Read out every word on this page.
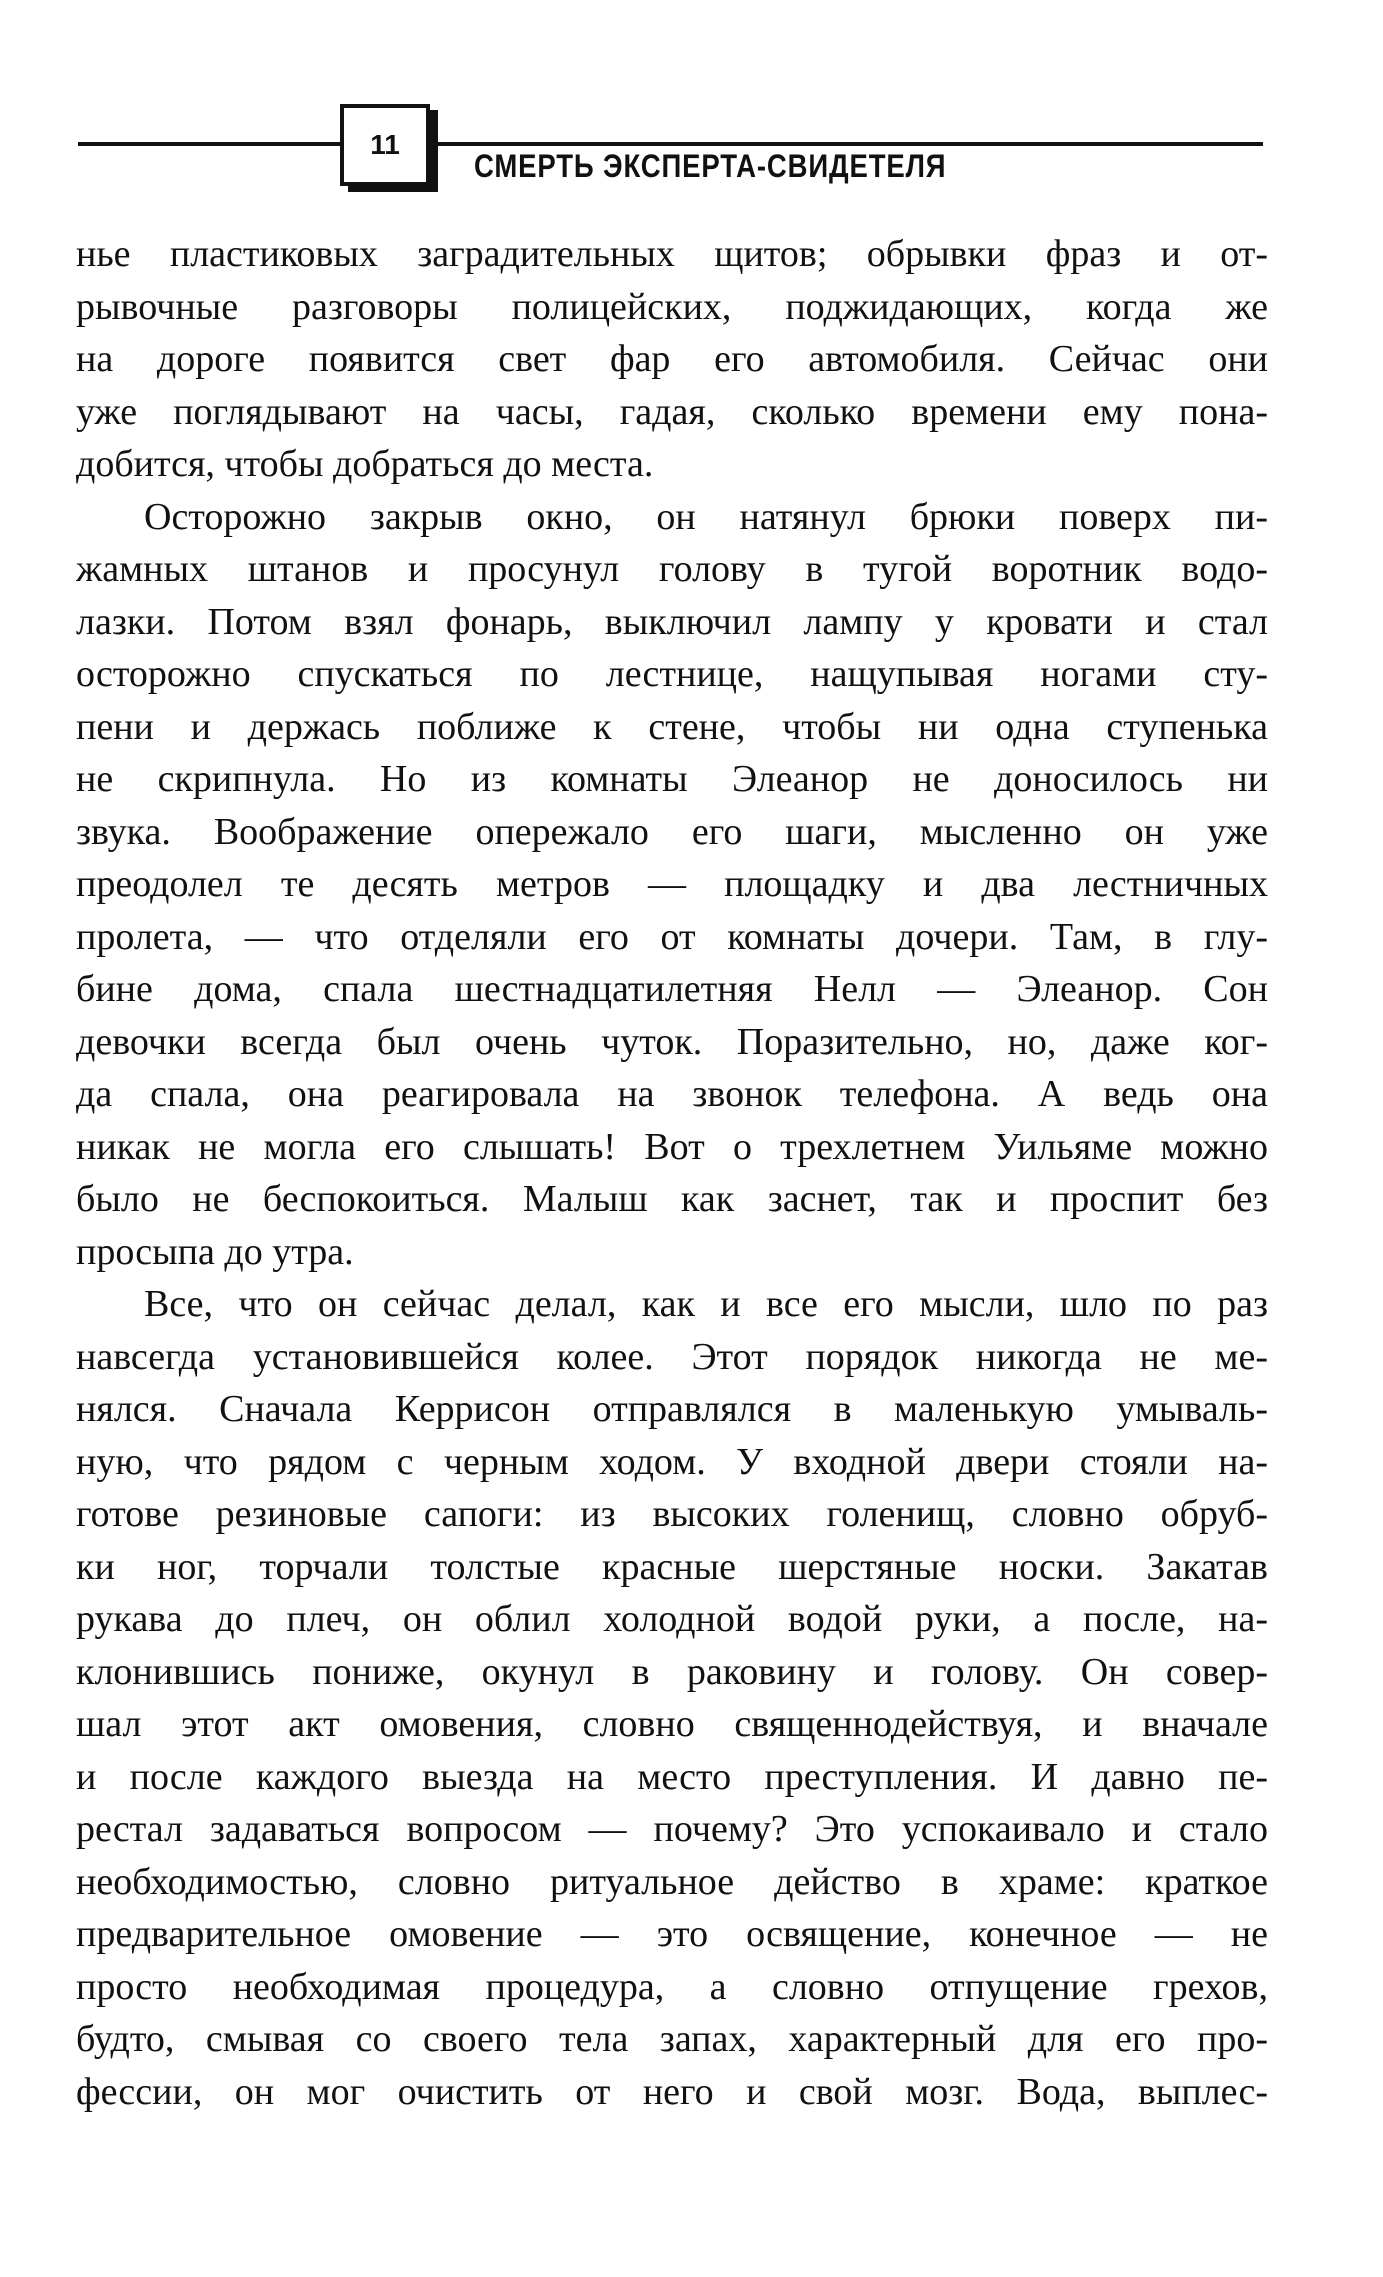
11
СМЕРТЬ ЭКСПЕРТА-СВИДЕТЕЛЯ
нье пластиковых заградительных щитов; обрывки фраз и от-
рывочные разговоры полицейских, поджидающих, когда же
на дороге появится свет фар его автомобиля. Сейчас они
уже поглядывают на часы, гадая, сколько времени ему пона-
добится, чтобы добраться до места.
Осторожно закрыв окно, он натянул брюки поверх пи-
жамных штанов и просунул голову в тугой воротник водо-
лазки. Потом взял фонарь, выключил лампу у кровати и стал
осторожно спускаться по лестнице, нащупывая ногами сту-
пени и держась поближе к стене, чтобы ни одна ступенька
не скрипнула. Но из комнаты Элеанор не доносилось ни
звука. Воображение опережало его шаги, мысленно он уже
преодолел те десять метров — площадку и два лестничных
пролета, — что отделяли его от комнаты дочери. Там, в глу-
бине дома, спала шестнадцатилетняя Нелл — Элеанор. Сон
девочки всегда был очень чуток. Поразительно, но, даже ког-
да спала, она реагировала на звонок телефона. А ведь она
никак не могла его слышать! Вот о трехлетнем Уильяме можно
было не беспокоиться. Малыш как заснет, так и проспит без
просыпа до утра.
Все, что он сейчас делал, как и все его мысли, шло по раз
навсегда установившейся колее. Этот порядок никогда не ме-
нялся. Сначала Керрисон отправлялся в маленькую умываль-
ную, что рядом с черным ходом. У входной двери стояли на-
готове резиновые сапоги: из высоких голенищ, словно обруб-
ки ног, торчали толстые красные шерстяные носки. Закатав
рукава до плеч, он облил холодной водой руки, а после, на-
клонившись пониже, окунул в раковину и голову. Он совер-
шал этот акт омовения, словно священнодействуя, и вначале
и после каждого выезда на место преступления. И давно пе-
рестал задаваться вопросом — почему? Это успокаивало и стало
необходимостью, словно ритуальное действо в храме: краткое
предварительное омовение — это освящение, конечное — не
просто необходимая процедура, а словно отпущение грехов,
будто, смывая со своего тела запах, характерный для его про-
фессии, он мог очистить от него и свой мозг. Вода, выплес-
